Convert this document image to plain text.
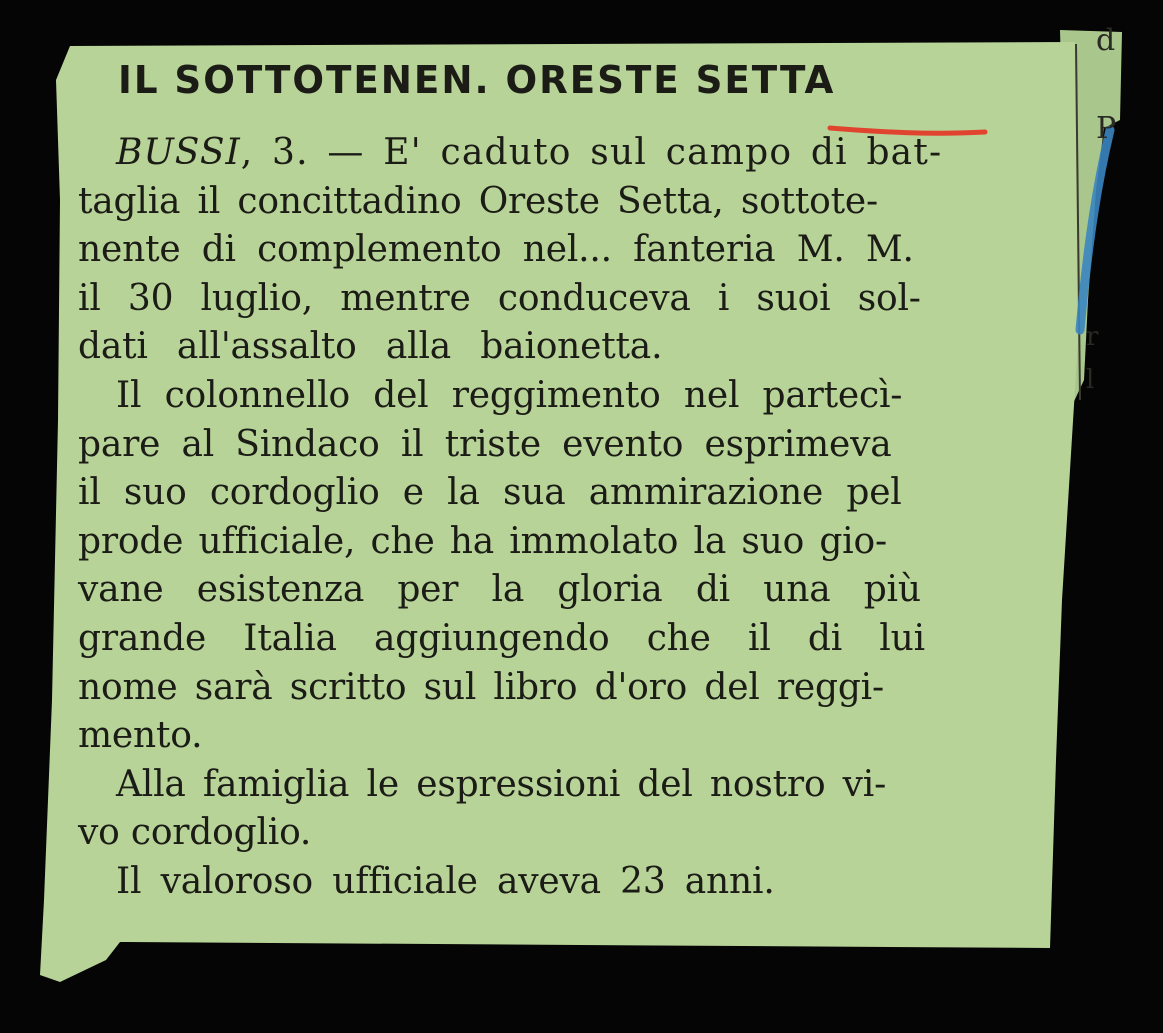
d
P
r
l
IL SOTTOTENEN. ORESTE SETTA
BUSSI , 3. — E' caduto sul campo di bat-
taglia il concittadino Oreste Setta, sottote-
nente di complemento nel... fanteria M. M.
il 30 luglio, mentre conduceva i suoi sol-
dati all'assalto alla baionetta.
Il colonnello del reggimento nel partecì-
pare al Sindaco il triste evento esprimeva
il suo cordoglio e la sua ammirazione pel
prode ufficiale, che ha immolato la suo gio-
vane esistenza per la gloria di una più
grande Italia aggiungendo che il di lui
nome sarà scritto sul libro d'oro del reggi-
mento.
Alla famiglia le espressioni del nostro vi-
vo cordoglio.
Il valoroso ufficiale aveva 23 anni.
